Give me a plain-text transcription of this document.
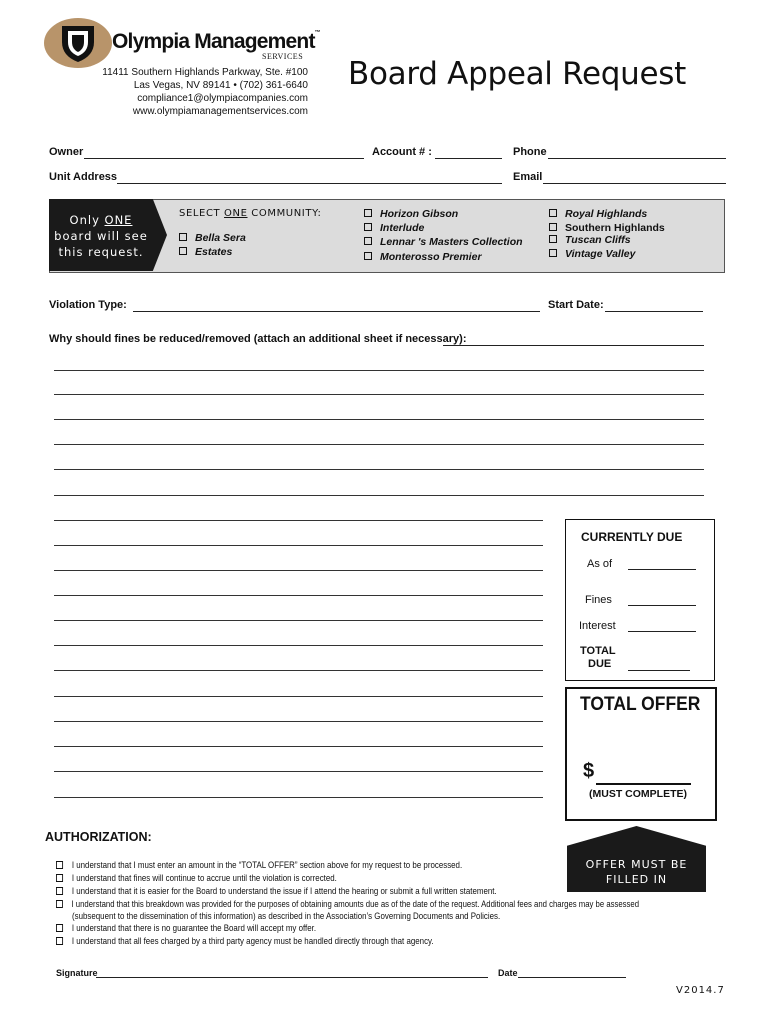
Olympia Management™
SERVICES
11411 Southern Highlands Parkway, Ste. #100
Las Vegas, NV 89141 • (702) 361-6640
compliance1@olympiacompanies.com
www.olympiamanagementservices.com
Board Appeal Request
Owner	Account # :	Phone
Unit Address	Email
Only ONE
board will see
this request.
SELECT ONE COMMUNITY:
Bella Sera
Estates
Horizon Gibson
Interlude
Lennar 's Masters Collection
Monterosso Premier
Royal Highlands
Southern Highlands
Tuscan Cliffs
Vintage Valley
Violation Type:	Start Date:
Why should fines be reduced/removed (attach an additional sheet if necessary):
CURRENTLY DUE
As of
Fines
Interest
TOTAL
DUE
TOTAL OFFER
$
(MUST COMPLETE)
OFFER MUST BE
FILLED IN
AUTHORIZATION:
I understand that I must enter an amount in the “TOTAL OFFER” section above for my request to be processed.
I understand that fines will continue to accrue until the violation is corrected.
I understand that it is easier for the Board to understand the issue if I attend the hearing or submit a full written statement.
I understand that this breakdown was provided for the purposes of obtaining amounts due as of the date of the request. Additional fees and charges may be assessed
(subsequent to the dissemination of this information) as described in the Association’s Governing Documents and Policies.
I understand that there is no guarantee the Board will accept my offer.
I understand that all fees charged by a third party agency must be handled directly through that agency.
Signature	Date
V2014.7
